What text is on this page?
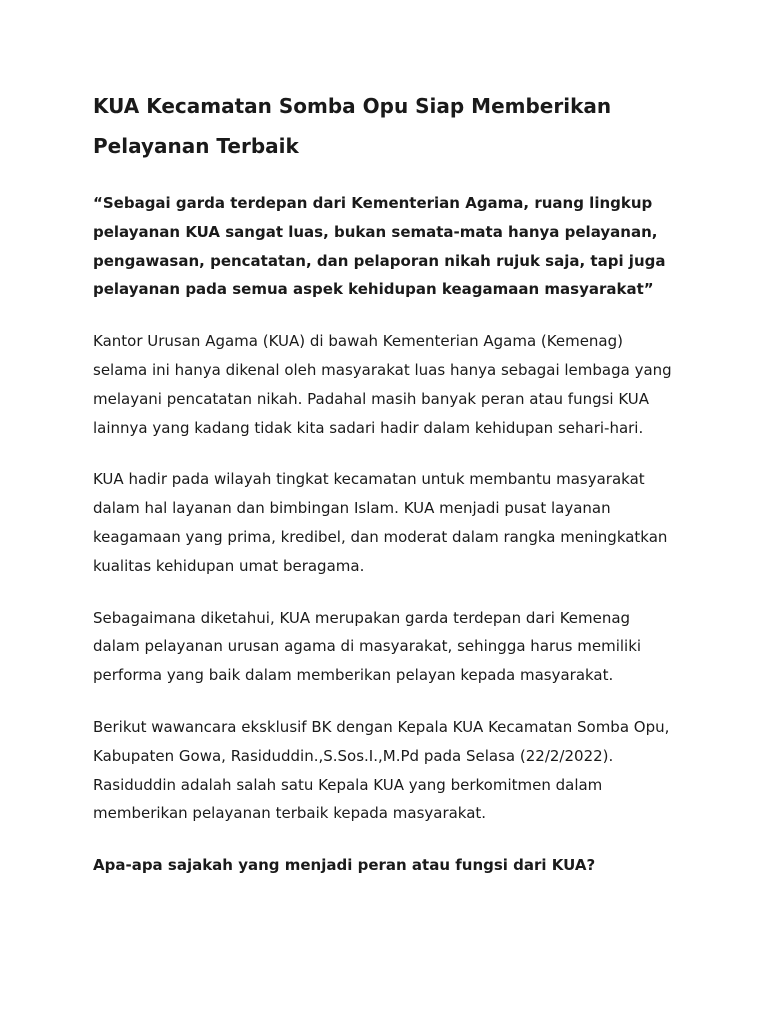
KUA Kecamatan Somba Opu Siap Memberikan Pelayanan Terbaik

“Sebagai garda terdepan dari Kementerian Agama, ruang lingkup pelayanan KUA sangat luas, bukan semata-mata hanya pelayanan, pengawasan, pencatatan, dan pelaporan nikah rujuk saja, tapi juga pelayanan pada semua aspek kehidupan keagamaan masyarakat”

Kantor Urusan Agama (KUA) di bawah Kementerian Agama (Kemenag) selama ini hanya dikenal oleh masyarakat luas hanya sebagai lembaga yang melayani pencatatan nikah. Padahal masih banyak peran atau fungsi KUA lainnya yang kadang tidak kita sadari hadir dalam kehidupan sehari-hari.

KUA hadir pada wilayah tingkat kecamatan untuk membantu masyarakat dalam hal layanan dan bimbingan Islam. KUA menjadi pusat layanan keagamaan yang prima, kredibel, dan moderat dalam rangka meningkatkan kualitas kehidupan umat beragama.

Sebagaimana diketahui, KUA merupakan garda terdepan dari Kemenag dalam pelayanan urusan agama di masyarakat, sehingga harus memiliki performa yang baik dalam memberikan pelayan kepada masyarakat.

Berikut wawancara eksklusif BK dengan Kepala KUA Kecamatan Somba Opu, Kabupaten Gowa, Rasiduddin.,S.Sos.I.,M.Pd pada Selasa (22/2/2022). Rasiduddin adalah salah satu Kepala KUA yang berkomitmen dalam memberikan pelayanan terbaik kepada masyarakat.

Apa-apa sajakah yang menjadi peran atau fungsi dari KUA?
